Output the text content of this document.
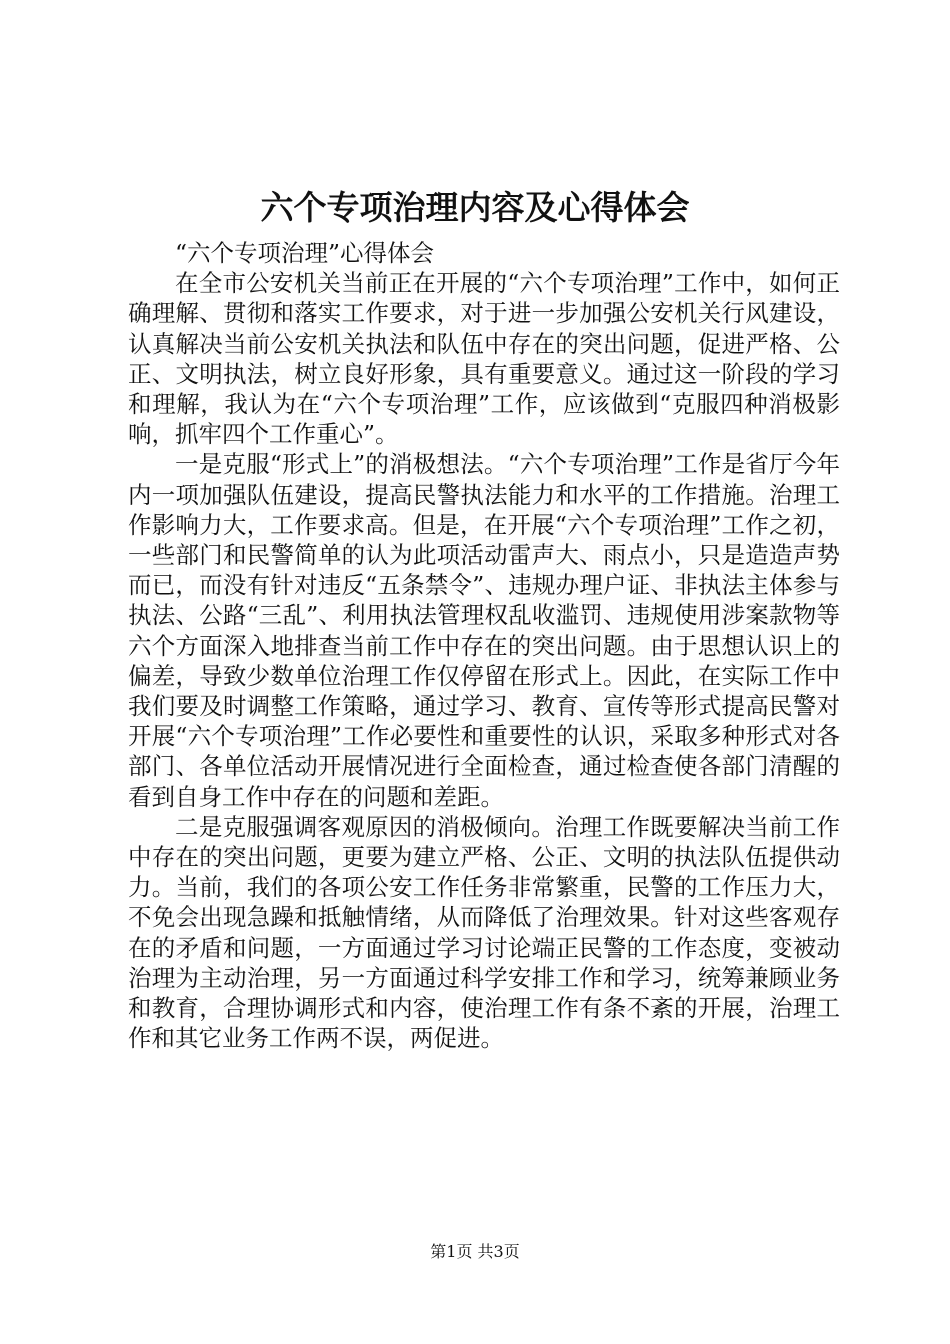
六个专项治理内容及心得体会

“六个专项治理”心得体会

在全市公安机关当前正在开展的“六个专项治理”工作中，如何正确理解、贯彻和落实工作要求，对于进一步加强公安机关行风建设，认真解决当前公安机关执法和队伍中存在的突出问题，促进严格、公正、文明执法，树立良好形象，具有重要意义。通过这一阶段的学习和理解，我认为在“六个专项治理”工作，应该做到“克服四种消极影响，抓牢四个工作重心”。

一是克服“形式上”的消极想法。“六个专项治理”工作是省厅今年内一项加强队伍建设，提高民警执法能力和水平的工作措施。治理工作影响力大，工作要求高。但是，在开展“六个专项治理”工作之初，一些部门和民警简单的认为此项活动雷声大、雨点小，只是造造声势而已，而没有针对违反“五条禁令”、违规办理户证、非执法主体参与执法、公路“三乱”、利用执法管理权乱收滥罚、违规使用涉案款物等六个方面深入地排查当前工作中存在的突出问题。由于思想认识上的偏差，导致少数单位治理工作仅停留在形式上。因此，在实际工作中我们要及时调整工作策略，通过学习、教育、宣传等形式提高民警对开展“六个专项治理”工作必要性和重要性的认识，采取多种形式对各部门、各单位活动开展情况进行全面检查，通过检查使各部门清醒的看到自身工作中存在的问题和差距。

二是克服强调客观原因的消极倾向。治理工作既要解决当前工作中存在的突出问题，更要为建立严格、公正、文明的执法队伍提供动力。当前，我们的各项公安工作任务非常繁重，民警的工作压力大，不免会出现急躁和抵触情绪，从而降低了治理效果。针对这些客观存在的矛盾和问题，一方面通过学习讨论端正民警的工作态度，变被动治理为主动治理，另一方面通过科学安排工作和学习，统筹兼顾业务和教育，合理协调形式和内容，使治理工作有条不紊的开展，治理工作和其它业务工作两不误，两促进。

第1页 共3页
